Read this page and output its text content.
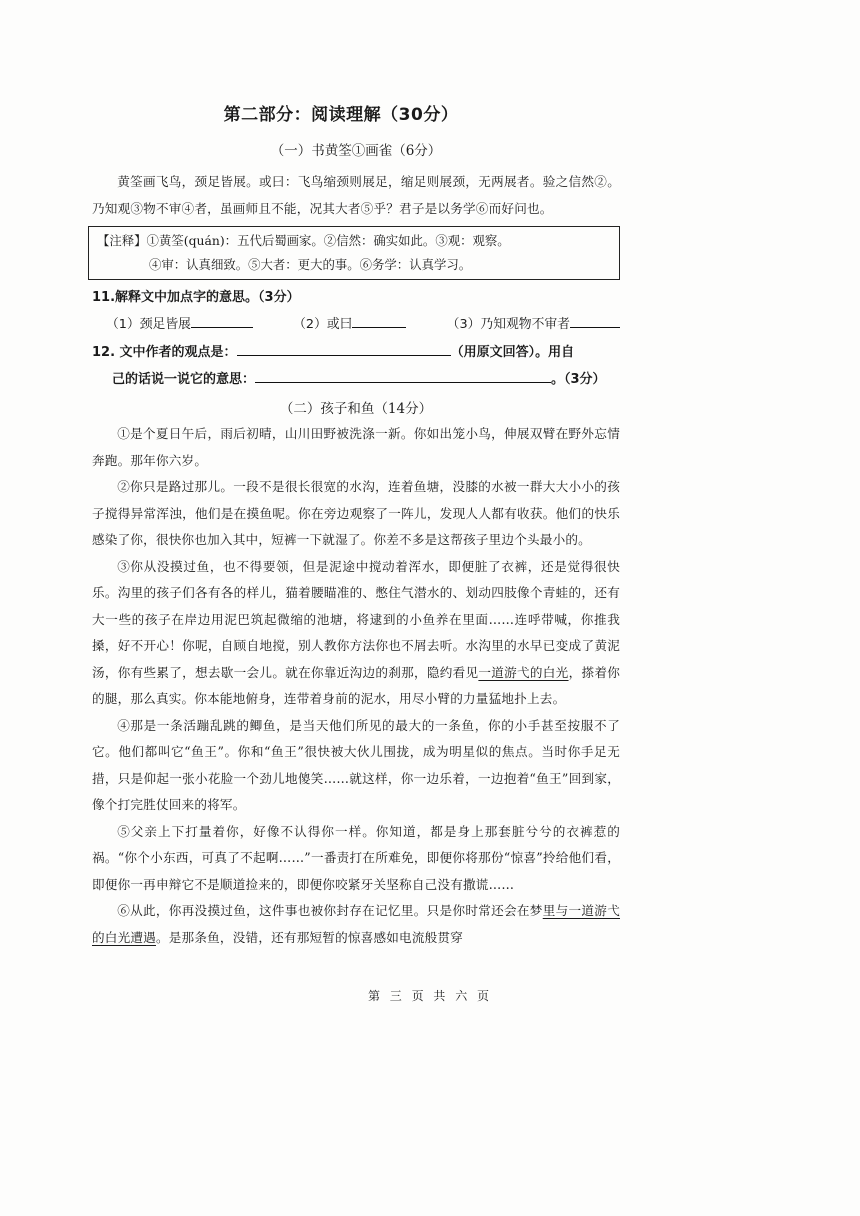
第二部分：阅读理解（30分）
（一）书黄筌①画雀（6分）

黄筌画飞鸟，颈足皆展。或曰：飞鸟缩颈则展足，缩足则展颈，无两展者。验之信然②。乃知观③物不审④者，虽画师且不能，况其大者⑤乎？君子是以务学⑥而好问也。

【注释】①黄筌(quán)：五代后蜀画家。②信然：确实如此。③观：观察。
④审：认真细致。⑤大者：更大的事。⑥务学：认真学习。
11.解释文中加点字的意思。（3分）
（1）颈足皆展	（2）或曰	（3）乃知观物不审者
12. 文中作者的观点是：	（用原文回答）。用自
己的话说一说它的意思：	。（3分）
（二）孩子和鱼（14分）

①是个夏日午后，雨后初晴，山川田野被洗涤一新。你如出笼小鸟，伸展双臂在野外忘情奔跑。那年你六岁。

②你只是路过那儿。一段不是很长很宽的水沟，连着鱼塘，没膝的水被一群大大小小的孩子搅得异常浑浊，他们是在摸鱼呢。你在旁边观察了一阵儿，发现人人都有收获。他们的快乐感染了你，很快你也加入其中，短裤一下就湿了。你差不多是这帮孩子里边个头最小的。

③你从没摸过鱼，也不得要领，但是泥途中搅动着浑水，即便脏了衣裤，还是觉得很快乐。沟里的孩子们各有各的样儿，猫着腰瞄准的、憋住气潜水的、划动四肢像个青蛙的，还有大一些的孩子在岸边用泥巴筑起微缩的池塘，将逮到的小鱼养在里面……连呼带喊，你推我搡，好不开心！你呢，自顾自地搅，别人教你方法你也不屑去听。水沟里的水早已变成了黄泥汤，你有些累了，想去歇一会儿。就在你靠近沟边的刹那，隐约看见一道游弋的白光，搽着你的腿，那么真实。你本能地俯身，连带着身前的泥水，用尽小臂的力量猛地扑上去。

④那是一条活蹦乱跳的鲫鱼，是当天他们所见的最大的一条鱼，你的小手甚至按服不了它。他们都叫它“鱼王”。你和“鱼王”很快被大伙儿围拢，成为明星似的焦点。当时你手足无措，只是仰起一张小花脸一个劲儿地傻笑……就这样，你一边乐着，一边抱着“鱼王”回到家，像个打完胜仗回来的将军。

⑤父亲上下打量着你，好像不认得你一样。你知道，都是身上那套脏兮兮的衣裤惹的祸。“你个小东西，可真了不起啊……”一番责打在所难免，即便你将那份“惊喜”拎给他们看，即便你一再申辩它不是顺道捡来的，即便你咬紧牙关坚称自己没有撒谎……

⑥从此，你再没摸过鱼，这件事也被你封存在记忆里。只是你时常还会在梦里与一道游弋的白光遭遇。是那条鱼，没错，还有那短暂的惊喜感如电流般贯穿

第 三 页 共 六 页
